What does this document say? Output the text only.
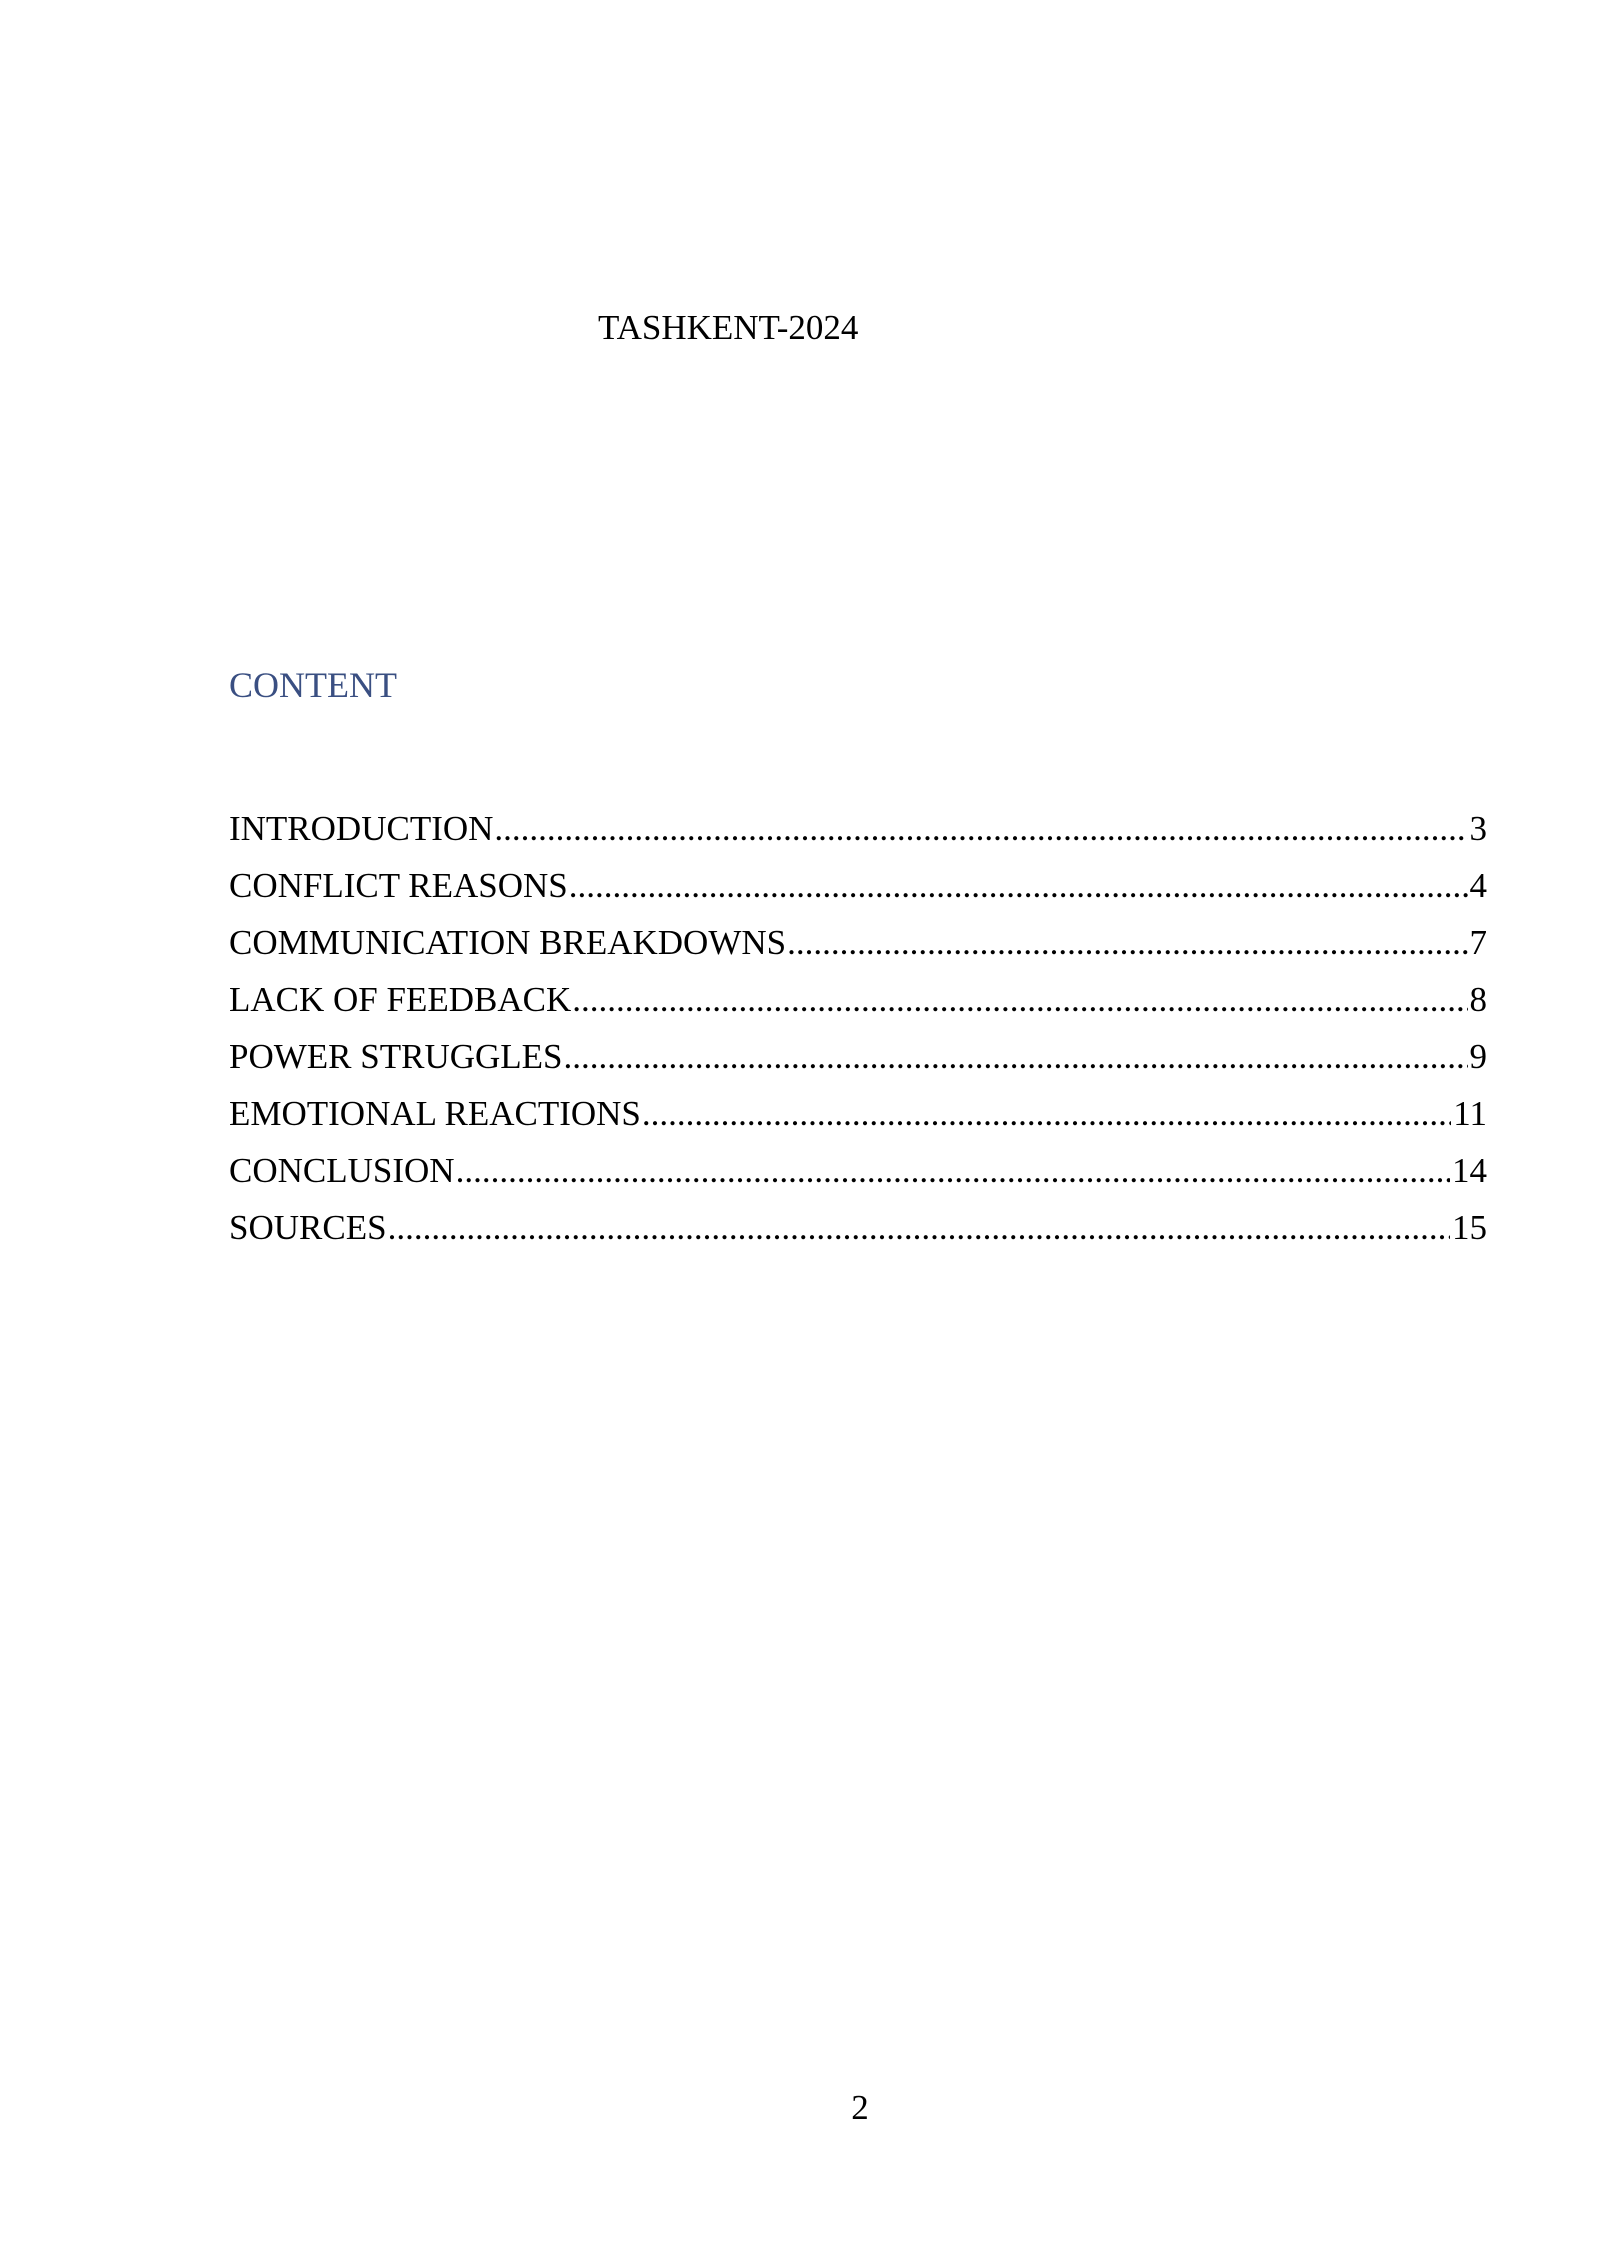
TASHKENT-2024
CONTENT
INTRODUCTION .....	3
CONFLICT REASONS .....	4
COMMUNICATION BREAKDOWNS .....	7
LACK OF FEEDBACK .....	8
POWER STRUGGLES .....	9
EMOTIONAL REACTIONS .....	11
CONCLUSION .....	14
SOURCES .....	15
2
